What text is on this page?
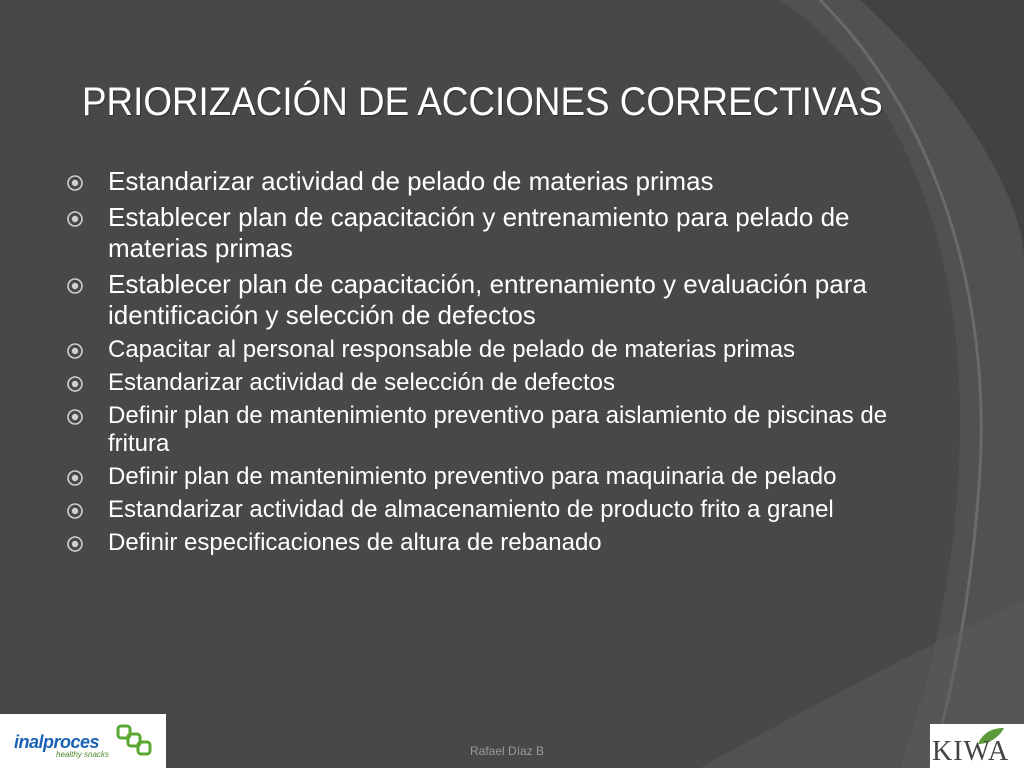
PRIORIZACIÓN DE ACCIONES CORRECTIVAS
Estandarizar actividad de pelado de materias primas
Establecer plan de capacitación y entrenamiento para pelado de materias primas
Establecer plan de capacitación, entrenamiento y evaluación para identificación y selección de defectos
Capacitar al personal responsable de pelado de materias primas
Estandarizar actividad de selección de defectos
Definir plan de mantenimiento preventivo para aislamiento de piscinas de fritura
Definir plan de mantenimiento preventivo para maquinaria de pelado
Estandarizar actividad de almacenamiento de producto frito a granel
Definir especificaciones de altura de rebanado
inalproces
healthy snacks	Rafael Díaz B	KIWA
